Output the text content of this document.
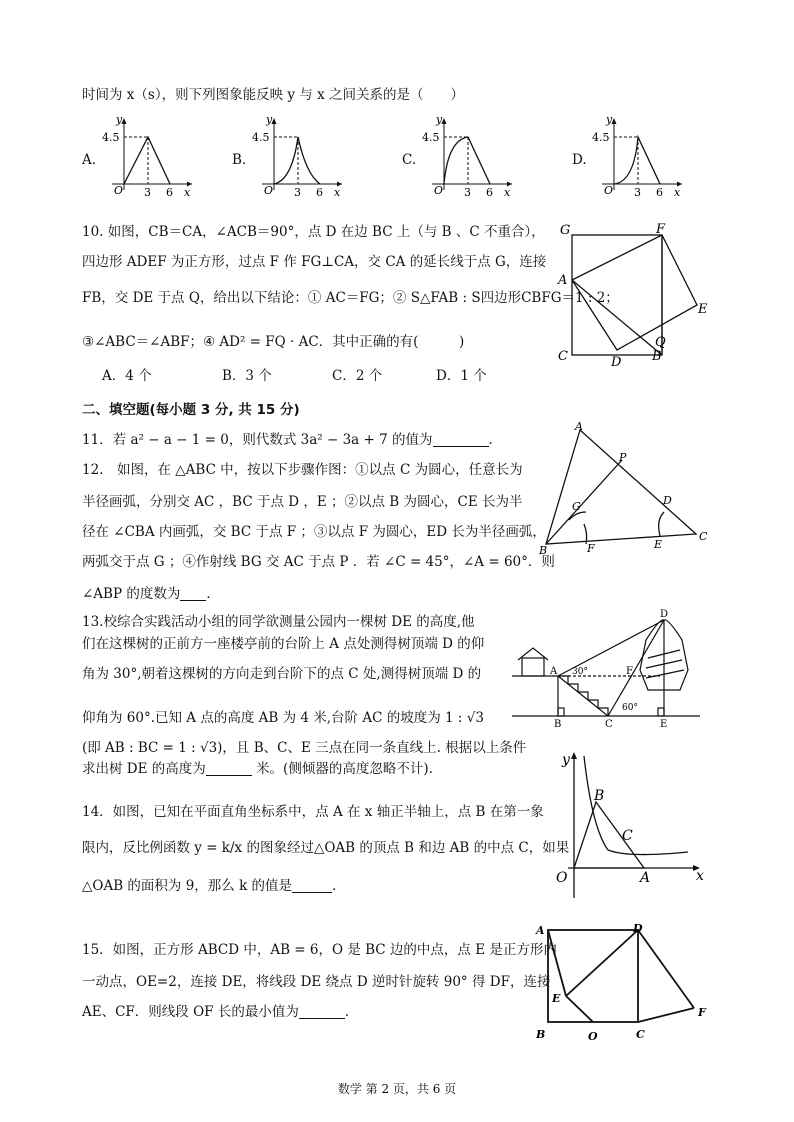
时间为 x（s），则下列图象能反映 y 与 x 之间关系的是（　　）
A.
y
4.5
O 3 6 x
B.
y
4.5
O 3 6 x
C.
y
4.5
O 3 6 x
D.
y
4.5
O 3 6 x
10. 如图，CB＝CA，∠ACB＝90°，点 D 在边 BC 上（与 B 、C 不重合），
四边形 ADEF 为正方形，过点 F 作 FG⊥CA，交 CA 的延长线于点 G，连接
FB，交 DE 于点 Q，给出以下结论：① AC＝FG；② S△FAB : S四边形CBFG＝1 : 2；
③∠ABC＝∠ABF；④ AD² = FQ · AC．其中正确的有(　　　)
A．4 个	B．3 个	C．2 个	D．1 个
G	F
A
E
Q
C	D B
二、填空题(每小题 3 分, 共 15 分)
11．若 a² − a − 1 = 0，则代数式 3a² − 3a + 7 的值为	．
12.　如图，在 △ABC 中，按以下步骤作图：①以点 C 为圆心，任意长为
半径画弧，分别交 AC ，BC 于点 D ，E ；②以点 B 为圆心，CE 长为半
径在 ∠CBA 内画弧，交 BC 于点 F ；③以点 F 为圆心，ED 长为半径画弧，
两弧交于点 G ；④作射线 BG 交 AC 于点 P ．若 ∠C = 45°，∠A = 60°．则
∠ABP 的度数为 ．
A
P
G	D
B	F	E
C
13.校综合实践活动小组的同学欲测量公园内一棵树 DE 的高度,他
们在这棵树的正前方一座楼亭前的台阶上 A 点处测得树顶端 D 的仰
角为 30°,朝着这棵树的方向走到台阶下的点 C 处,测得树顶端 D 的
仰角为 60°.已知 A 点的高度 AB 为 4 米,台阶 AC 的坡度为 1 : √3
(即 AB : BC = 1 : √3)，且 B、C、E 三点在同一条直线上. 根据以上条件
求出树 DE 的高度为	米。(侧倾器的高度忽略不计).
D
A 30°	F
60°
B	C	E
14．如图，已知在平面直角坐标系中，点 A 在 x 轴正半轴上，点 B 在第一象
限内，反比例函数 y = k/x 的图象经过△OAB 的顶点 B 和边 AB 的中点 C，如果
△OAB 的面积为 9，那么 k 的值是	．
y
x
O	A
B
C
15．如图，正方形 ABCD 中，AB = 6，O 是 BC 边的中点，点 E 是正方形内
一动点，OE=2，连接 DE，将线段 DE 绕点 D 逆时针旋转 90° 得 DF，连接
AE、CF．则线段 OF 长的最小值为	．
A	D
E
F
B	O	C
数学 第 2 页，共 6 页
